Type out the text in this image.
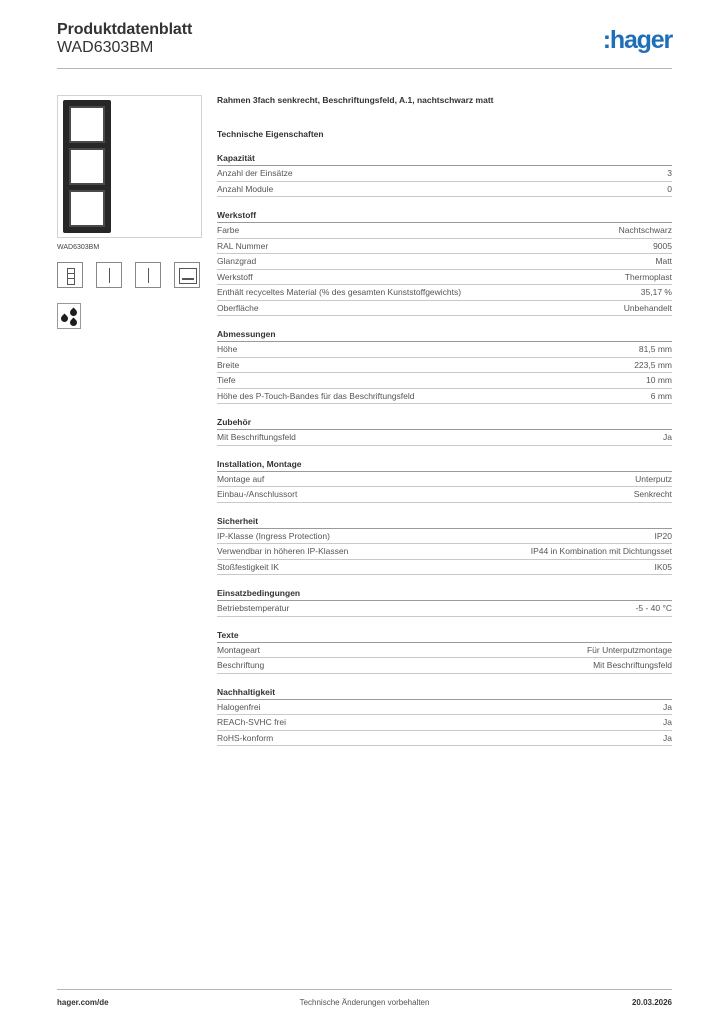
Produktdatenblatt
WAD6303BM	:hager
WAD6303BM
Rahmen 3fach senkrecht, Beschriftungsfeld, A.1, nachtschwarz matt
Technische Eigenschaften
Kapazität
Anzahl der Einsätze	3
Anzahl Module	0
Werkstoff
Farbe	Nachtschwarz
RAL Nummer	9005
Glanzgrad	Matt
Werkstoff	Thermoplast
Enthält recyceltes Material (% des gesamten Kunststoffgewichts)	35,17 %
Oberfläche	Unbehandelt
Abmessungen
Höhe	81,5 mm
Breite	223,5 mm
Tiefe	10 mm
Höhe des P-Touch-Bandes für das Beschriftungsfeld	6 mm
Zubehör
Mit Beschriftungsfeld	Ja
Installation, Montage
Montage auf	Unterputz
Einbau-/Anschlussort	Senkrecht
Sicherheit
IP-Klasse (Ingress Protection)	IP20
Verwendbar in höheren IP-Klassen	IP44 in Kombination mit Dichtungsset
Stoßfestigkeit IK	IK05
Einsatzbedingungen
Betriebstemperatur	-5 - 40 °C
Texte
Montageart	Für Unterputzmontage
Beschriftung	Mit Beschriftungsfeld
Nachhaltigkeit
Halogenfrei	Ja
REACh-SVHC frei	Ja
RoHS-konform	Ja
hager.com/de	Technische Änderungen vorbehalten	20.03.2026
